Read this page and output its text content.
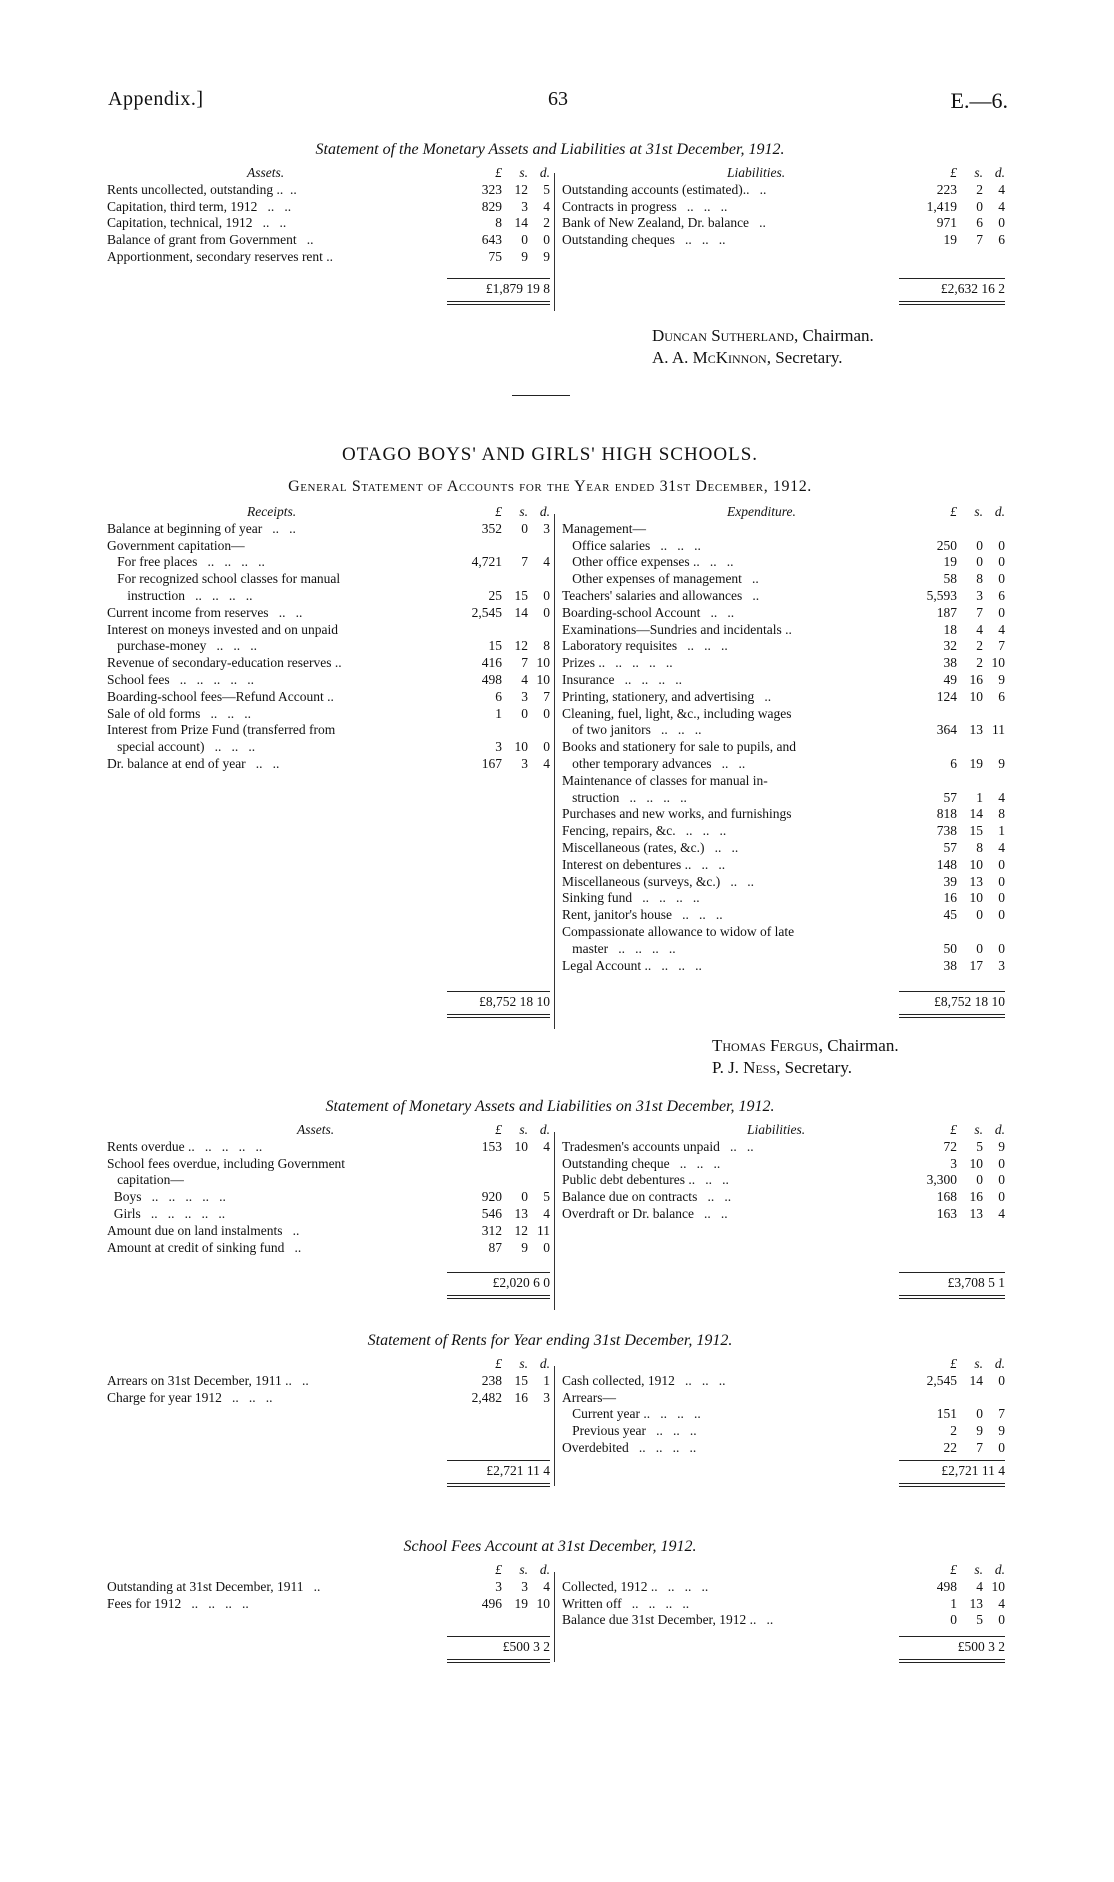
Appendix.]	63	E.—6.
Statement of the Monetary Assets and Liabilities at 31st December, 1912.
Assets.	£ s. d.
Rents uncollected, outstanding ..  ..	323 12 5
Capitation, third term, 1912   ..   ..	829 3 4
Capitation, technical, 1912   ..   ..	8 14 2
Balance of grant from Government   ..	643 0 0
Apportionment, secondary reserves rent ..	75 9 9
Liabilities.	£ s. d.
Outstanding accounts (estimated)..   ..	223 2 4
Contracts in progress   ..   ..   ..	1,419 0 4
Bank of New Zealand, Dr. balance   ..	971 6 0
Outstanding cheques   ..   ..   ..	19 7 6
£1,879 19 8	£2,632 16 2
Duncan Sutherland, Chairman.
A. A. McKinnon, Secretary.
OTAGO BOYS' AND GIRLS' HIGH SCHOOLS.
General Statement of Accounts for the Year ended 31st December, 1912.
Receipts.	£ s. d.
Balance at beginning of year   ..   ..	352 0 3
Government capitation—
For free places   ..   ..   ..   ..	4,721 7 4
For recognized school classes for manual
instruction   ..   ..   ..   ..	25 15 0
Current income from reserves   ..   ..	2,545 14 0
Interest on moneys invested and on unpaid
purchase-money   ..   ..   ..	15 12 8
Revenue of secondary-education reserves ..	416 7 10
School fees   ..   ..   ..   ..   ..	498 4 10
Boarding-school fees—Refund Account ..	6 3 7
Sale of old forms   ..   ..   ..	1 0 0
Interest from Prize Fund (transferred from
special account)   ..   ..   ..	3 10 0
Dr. balance at end of year   ..   ..	167 3 4
Expenditure.	£ s. d.
Management—
Office salaries   ..   ..   ..	250 0 0
Other office expenses ..   ..   ..	19 0 0
Other expenses of management   ..	58 8 0
Teachers' salaries and allowances   ..	5,593 3 6
Boarding-school Account   ..   ..	187 7 0
Examinations—Sundries and incidentals ..	18 4 4
Laboratory requisites   ..   ..   ..	32 2 7
Prizes ..   ..   ..   ..   ..	38 2 10
Insurance   ..   ..   ..   ..	49 16 9
Printing, stationery, and advertising   ..	124 10 6
Cleaning, fuel, light, &c., including wages
of two janitors   ..   ..   ..	364 13 11
Books and stationery for sale to pupils, and
other temporary advances   ..   ..	6 19 9
Maintenance of classes for manual in-
struction   ..   ..   ..   ..	57 1 4
Purchases and new works, and furnishings	818 14 8
Fencing, repairs, &c.   ..   ..   ..	738 15 1
Miscellaneous (rates, &c.)   ..   ..	57 8 4
Interest on debentures ..   ..   ..	148 10 0
Miscellaneous (surveys, &c.)   ..   ..	39 13 0
Sinking fund   ..   ..   ..   ..	16 10 0
Rent, janitor's house   ..   ..   ..	45 0 0
Compassionate allowance to widow of late
master   ..   ..   ..   ..	50 0 0
Legal Account ..   ..   ..   ..	38 17 3
£8,752 18 10	£8,752 18 10
Thomas Fergus, Chairman.
P. J. Ness, Secretary.
Statement of Monetary Assets and Liabilities on 31st December, 1912.
Assets.	£ s. d.
Rents overdue ..   ..   ..   ..   ..	153 10 4
School fees overdue, including Government
capitation—
Boys   ..   ..   ..   ..   ..	920 0 5
Girls   ..   ..   ..   ..   ..	546 13 4
Amount due on land instalments   ..	312 12 11
Amount at credit of sinking fund   ..	87 9 0
Liabilities.	£ s. d.
Tradesmen's accounts unpaid   ..   ..	72 5 9
Outstanding cheque   ..   ..   ..	3 10 0
Public debt debentures ..   ..   ..	3,300 0 0
Balance due on contracts   ..   ..	168 16 0
Overdraft or Dr. balance   ..   ..	163 13 4
£2,020 6 0	£3,708 5 1
Statement of Rents for Year ending 31st December, 1912.
£ s. d.
Arrears on 31st December, 1911 ..   ..	238 15 1
Charge for year 1912   ..   ..   ..	2,482 16 3
£ s. d.
Cash collected, 1912   ..   ..   ..	2,545 14 0
Arrears—
Current year ..   ..   ..   ..	151 0 7
Previous year   ..   ..   ..	2 9 9
Overdebited   ..   ..   ..   ..	22 7 0
£2,721 11 4	£2,721 11 4
School Fees Account at 31st December, 1912.
£ s. d.
Outstanding at 31st December, 1911   ..	3 3 4
Fees for 1912   ..   ..   ..   ..	496 19 10
£ s. d.
Collected, 1912 ..   ..   ..   ..	498 4 10
Written off   ..   ..   ..   ..	1 13 4
Balance due 31st December, 1912 ..   ..	0 5 0
£500 3 2	£500 3 2
